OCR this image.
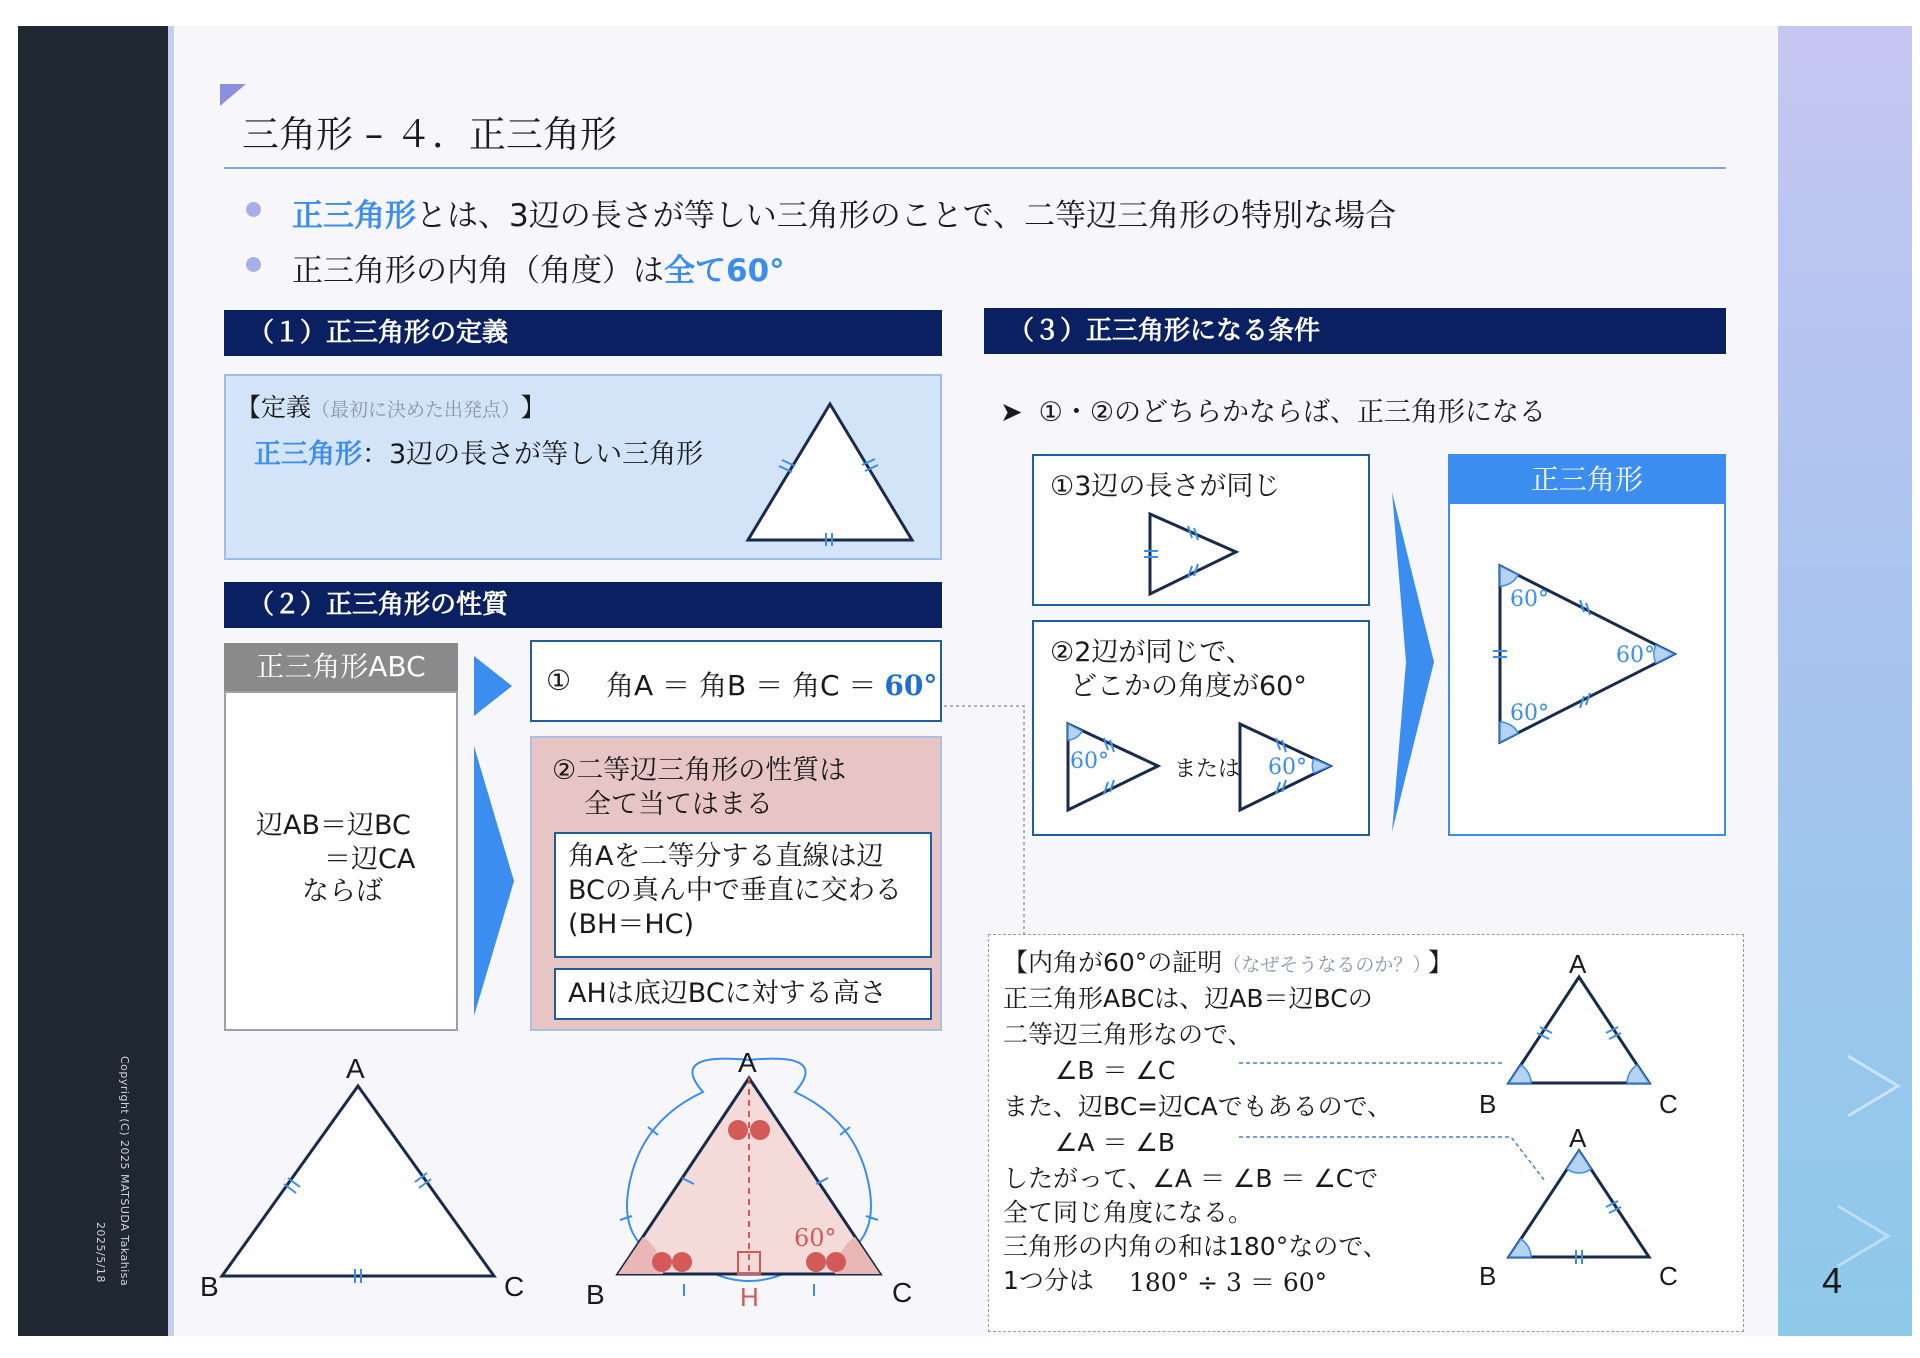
Copyright (C) 2025 MATSUDA Takahisa
2025/5/18	4
三角形 – ４．正三角形
正三角形とは、3辺の長さが等しい三角形のことで、二等辺三角形の特別な場合
正三角形の内角（角度）は全て60°
（１）正三角形の定義
【定義（最初に決めた出発点） 】
正三角形：3辺の長さが等しい三角形
（２）正三角形の性質
正三角形ABC
辺AB＝辺BC
＝辺CA
ならば
① 角A ＝ 角B ＝ 角C ＝ 60°
②二等辺三角形の性質は
全て当てはまる
角Aを二等分する直線は辺BCの真ん中で垂直に交わる(BH＝HC)
AHは底辺BCに対する高さ
A
B	C
A
B	C
H
60°
（３）正三角形になる条件
➤ ①・②のどちらかならば、正三角形になる
①3辺の長さが同じ
②2辺が同じで、
どこかの角度が60°
60°	または 60°
正三角形
60°
60°
60°
【内角が60°の証明（なぜそうなるのか？） 】
正三角形ABCは、辺AB＝辺BCの
二等辺三角形なので、
∠B ＝ ∠C
また、辺BC=辺CAでもあるので、
∠A ＝ ∠B
したがって、∠A ＝ ∠B ＝ ∠Cで
全て同じ角度になる。
三角形の内角の和は180°なので、
1つ分は 180° ÷ 3 ＝ 60°
A
B	C
A
B	C
